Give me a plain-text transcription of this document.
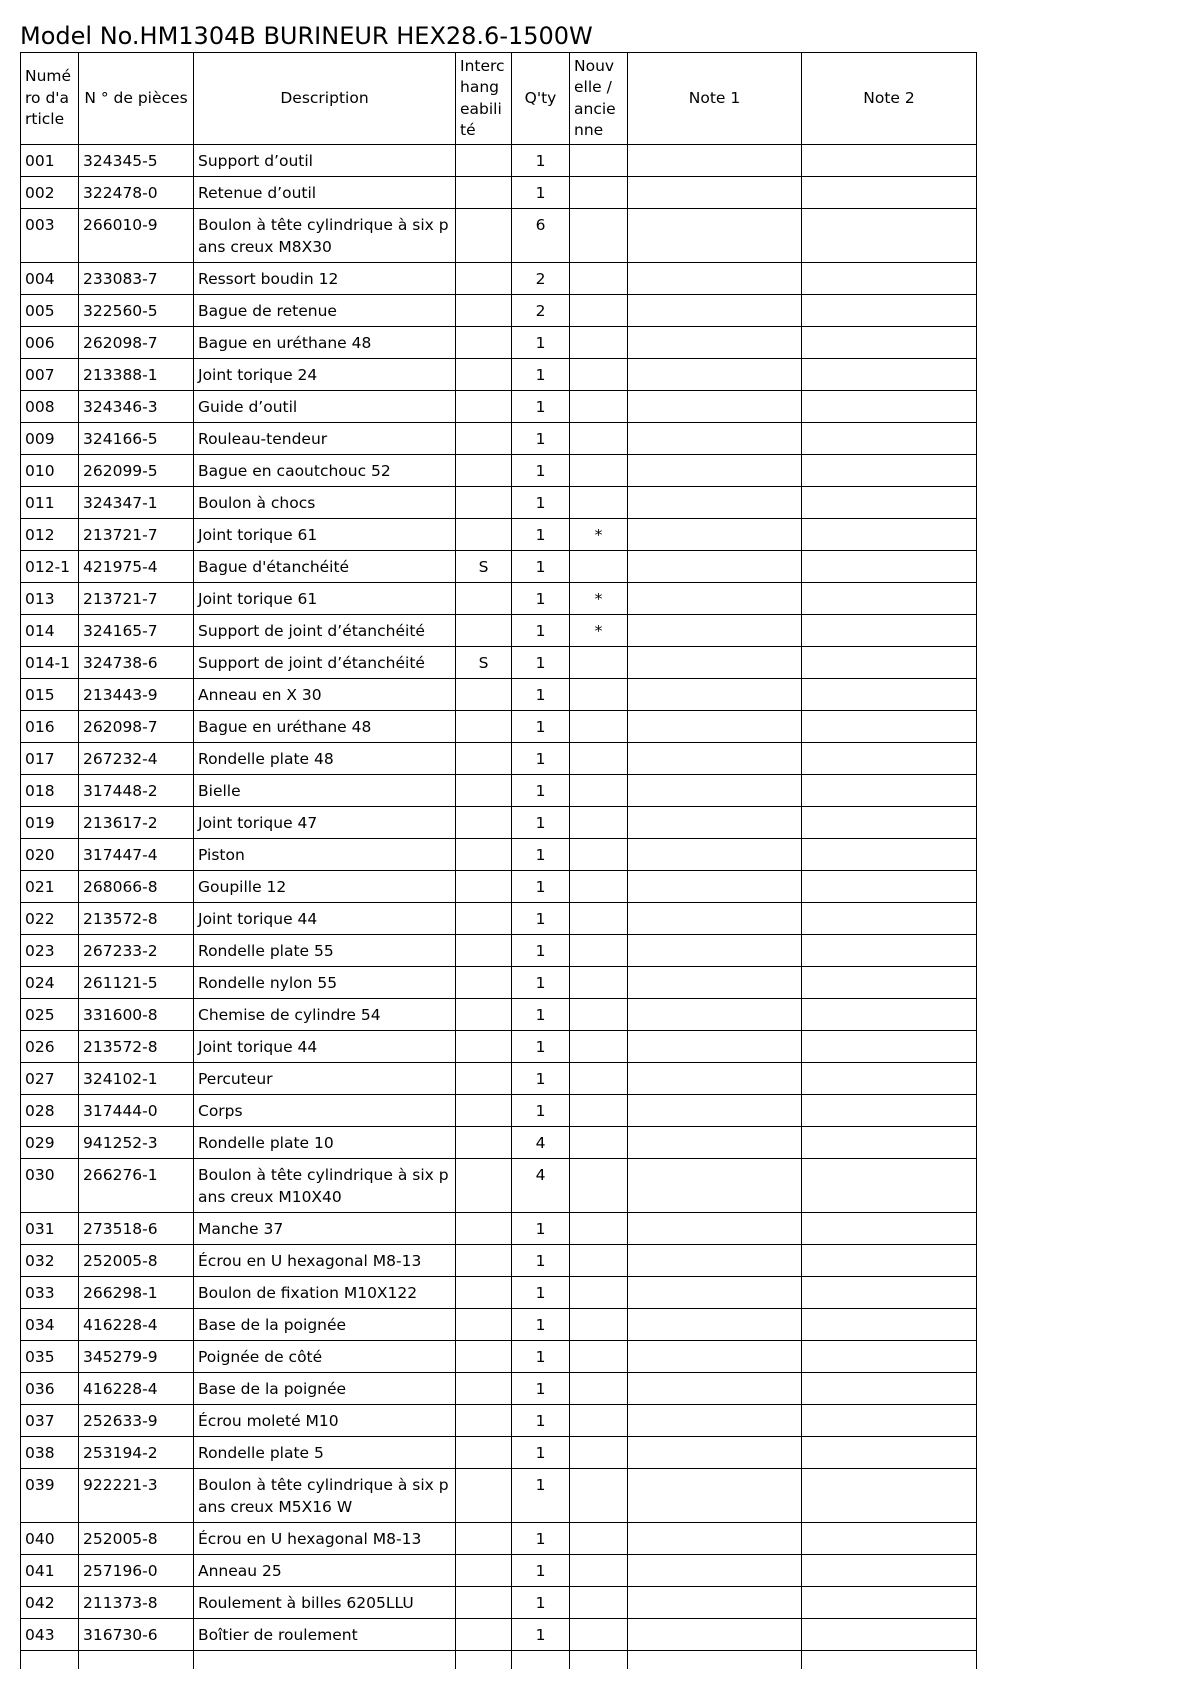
Model No.HM1304B BURINEUR HEX28.6-1500W
Numéro d'article	N ° de pièces	Description	Interchangeabilité	Q'ty	Nouvelle / ancienne	Note 1	Note 2
001	324345-5	Support d’outil		1			
002	322478-0	Retenue d’outil		1			
003	266010-9	Boulon à tête cylindrique à six pans creux M8X30		6			
004	233083-7	Ressort boudin 12		2			
005	322560-5	Bague de retenue		2			
006	262098-7	Bague en uréthane 48		1			
007	213388-1	Joint torique 24		1			
008	324346-3	Guide d’outil		1			
009	324166-5	Rouleau-tendeur		1			
010	262099-5	Bague en caoutchouc 52		1			
011	324347-1	Boulon à chocs		1			
012	213721-7	Joint torique 61		1	*		
012-1	421975-4	Bague d'étanchéité	S	1			
013	213721-7	Joint torique 61		1	*		
014	324165-7	Support de joint d’étanchéité		1	*		
014-1	324738-6	Support de joint d’étanchéité	S	1			
015	213443-9	Anneau en X 30		1			
016	262098-7	Bague en uréthane 48		1			
017	267232-4	Rondelle plate 48		1			
018	317448-2	Bielle		1			
019	213617-2	Joint torique 47		1			
020	317447-4	Piston		1			
021	268066-8	Goupille 12		1			
022	213572-8	Joint torique 44		1			
023	267233-2	Rondelle plate 55		1			
024	261121-5	Rondelle nylon 55		1			
025	331600-8	Chemise de cylindre 54		1			
026	213572-8	Joint torique 44		1			
027	324102-1	Percuteur		1			
028	317444-0	Corps		1			
029	941252-3	Rondelle plate 10		4			
030	266276-1	Boulon à tête cylindrique à six pans creux M10X40		4			
031	273518-6	Manche 37		1			
032	252005-8	Écrou en U hexagonal M8-13		1			
033	266298-1	Boulon de fixation M10X122		1			
034	416228-4	Base de la poignée		1			
035	345279-9	Poignée de côté		1			
036	416228-4	Base de la poignée		1			
037	252633-9	Écrou moleté M10		1			
038	253194-2	Rondelle plate 5		1			
039	922221-3	Boulon à tête cylindrique à six pans creux M5X16 W		1			
040	252005-8	Écrou en U hexagonal M8-13		1			
041	257196-0	Anneau 25		1			
042	211373-8	Roulement à billes 6205LLU		1			
043	316730-6	Boîtier de roulement		1			
